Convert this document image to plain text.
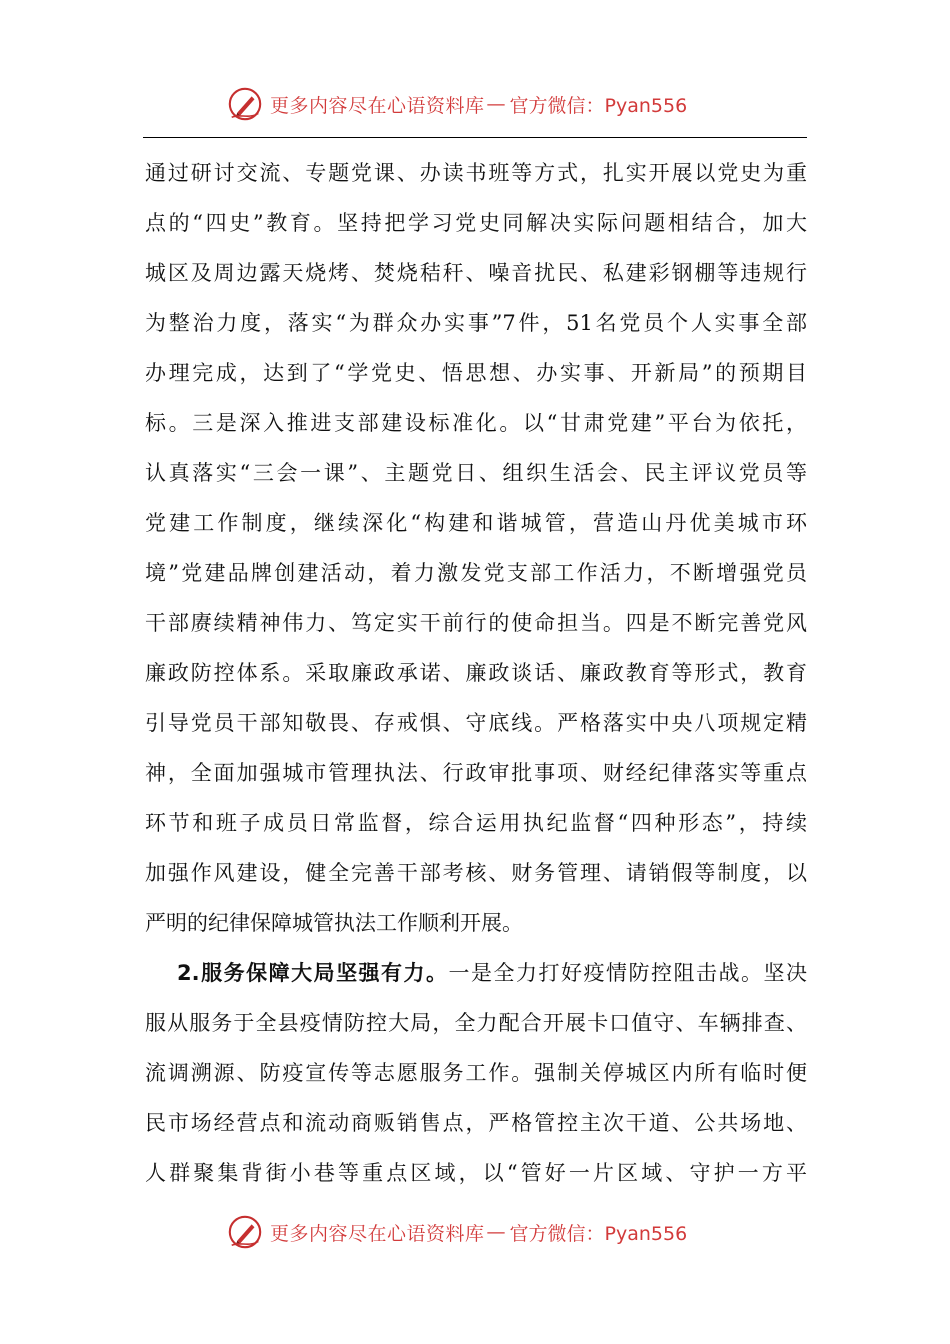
更多内容尽在心语资料库 — 官方微信：Pyan556
通过研讨交流、专题党课、办读书班等方式，扎实开展以党史为重
点的“四史”教育。坚持把学习党史同解决实际问题相结合，加大
城区及周边露天烧烤、焚烧秸秆、噪音扰民、私建彩钢棚等违规行
为整治力度，落实“为群众办实事”7件，51名党员个人实事全部
办理完成，达到了“学党史、悟思想、办实事、开新局”的预期目
标。三是深入推进支部建设标准化。以“甘肃党建”平台为依托，
认真落实“三会一课”、主题党日、组织生活会、民主评议党员等
党建工作制度，继续深化“构建和谐城管，营造山丹优美城市环
境”党建品牌创建活动，着力激发党支部工作活力，不断增强党员
干部赓续精神伟力、笃定实干前行的使命担当。四是不断完善党风
廉政防控体系。采取廉政承诺、廉政谈话、廉政教育等形式，教育
引导党员干部知敬畏、存戒惧、守底线。严格落实中央八项规定精
神，全面加强城市管理执法、行政审批事项、财经纪律落实等重点
环节和班子成员日常监督，综合运用执纪监督“四种形态”，持续
加强作风建设，健全完善干部考核、财务管理、请销假等制度，以
严明的纪律保障城管执法工作顺利开展。
2.服务保障大局坚强有力。一是全力打好疫情防控阻击战。坚决
服从服务于全县疫情防控大局，全力配合开展卡口值守、车辆排查、
流调溯源、防疫宣传等志愿服务工作。强制关停城区内所有临时便
民市场经营点和流动商贩销售点，严格管控主次干道、公共场地、
人群聚集背街小巷等重点区域，以“管好一片区域、守护一方平
更多内容尽在心语资料库 — 官方微信：Pyan556
